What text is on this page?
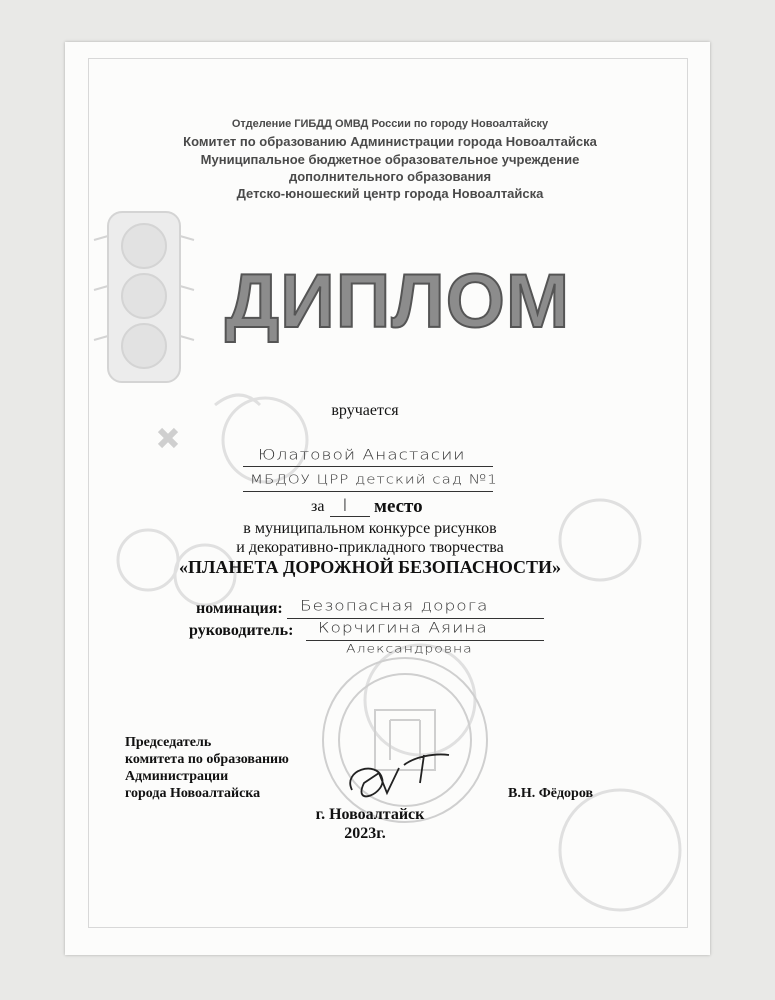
Отделение ГИБДД ОМВД России по городу Новоалтайску
Комитет по образованию Администрации города Новоалтайска
Муниципальное бюджетное образовательное учреждение
дополнительного образования
Детско-юношеский центр города Новоалтайска
ДИПЛОМ
вручается
Юлатовой Анастасии
МБДОУ ЦРР детский сад №1
за I место
в муниципальном конкурсе рисунков
и декоративно-прикладного творчества
«ПЛАНЕТА ДОРОЖНОЙ БЕЗОПАСНОСТИ»
номинация: Безопасная дорога
руководитель: Корчигина Аяина
Александровна
Председатель
комитета по образованию
Администрации
города Новоалтайска	В.Н. Фёдоров
г. Новоалтайск
2023г.
